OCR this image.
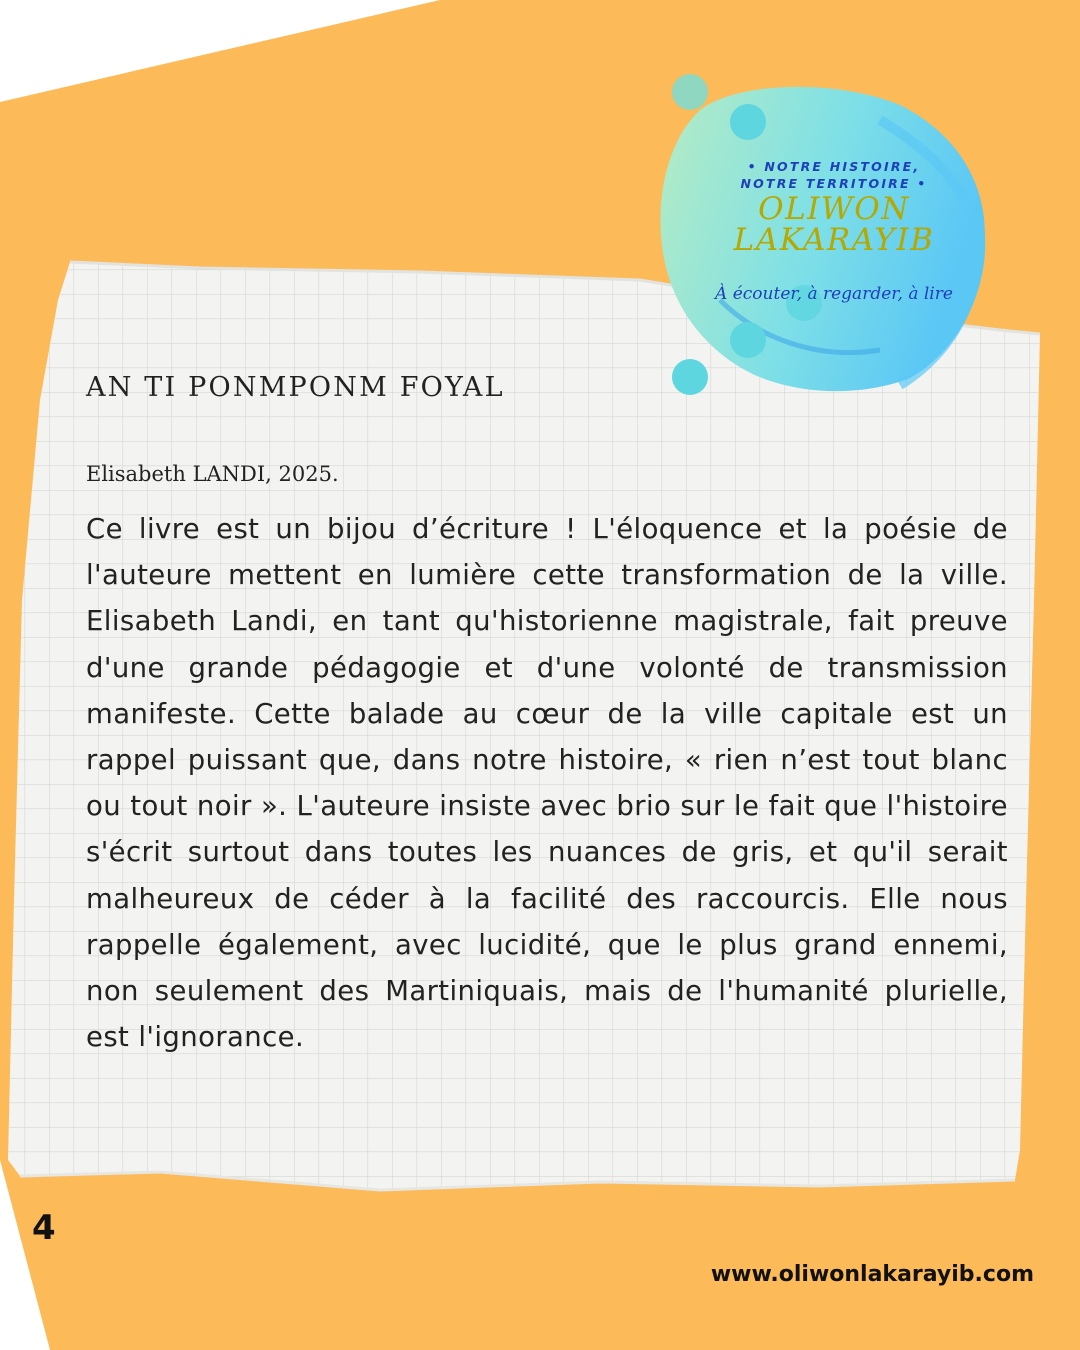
• NOTRE HISTOIRE,
NOTRE TERRITOIRE •
OLIWON
LAKARAYIB
À écouter, à regarder, à lire
AN TI PONMPONM FOYAL
Elisabeth LANDI, 2025.
Ce livre est un bijou d’écriture ! L'éloquence et la poésie de l'auteure mettent en lumière cette transformation de la ville. Elisabeth Landi, en tant qu'historienne magistrale, fait preuve d'une grande pédagogie et d'une volonté de transmission manifeste. Cette balade au cœur de la ville capitale est un rappel puissant que, dans notre histoire, « rien n’est tout blanc ou tout noir ». L'auteure insiste avec brio sur le fait que l'histoire s'écrit surtout dans toutes les nuances de gris, et qu'il serait malheureux de céder à la facilité des raccourcis. Elle nous rappelle également, avec lucidité, que le plus grand ennemi, non seulement des Martiniquais, mais de l'humanité plurielle, est l'ignorance.
4
www.oliwonlakarayib.com
